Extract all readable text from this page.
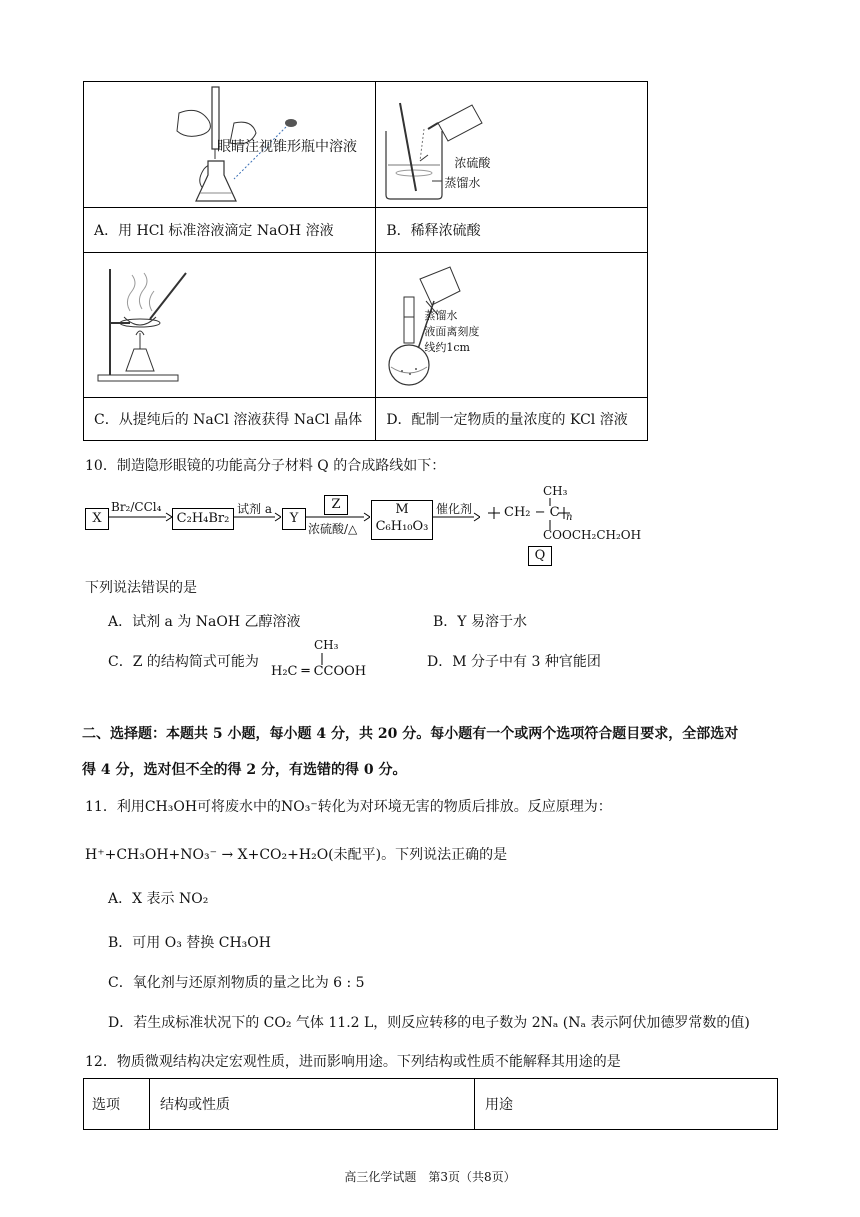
眼睛注视锥形瓶中溶液	浓硫酸
蒸馏水

A．用 HCl 标准溶液滴定 NaOH 溶液	B．稀释浓硫酸

蒸馏水
液面离刻度
线约1cm

C．从提纯后的 NaCl 溶液获得 NaCl 晶体	D．配制一定物质的量浓度的 KCl 溶液
10．制造隐形眼镜的功能高分子材料 Q 的合成路线如下：
X
Br₂/CCl₄
C₂H₄Br₂
试剂 a
Y
Z
浓硫酸/△
M
C₆H₁₀O₃
催化剂
CH₃
CH₂ − C n
COOCH₂CH₂OH
Q
下列说法错误的是
A．试剂 a 为 NaOH 乙醇溶液	B．Y 易溶于水
C．Z 的结构简式可能为
CH₃
H₂C ═ CCOOH
D．M 分子中有 3 种官能团
二、选择题：本题共 5 小题，每小题 4 分，共 20 分。每小题有一个或两个选项符合题目要求，全部选对
得 4 分，选对但不全的得 2 分，有选错的得 0 分。
11．利用CH₃OH可将废水中的NO₃⁻转化为对环境无害的物质后排放。反应原理为：
H⁺+CH₃OH+NO₃⁻ → X+CO₂+H₂O(未配平)。下列说法正确的是
A．X 表示 NO₂
B．可用 O₃ 替换 CH₃OH
C．氧化剂与还原剂物质的量之比为 6 : 5
D．若生成标准状况下的 CO₂ 气体 11.2 L，则反应转移的电子数为 2Nₐ (Nₐ 表示阿伏加德罗常数的值)
12．物质微观结构决定宏观性质，进而影响用途。下列结构或性质不能解释其用途的是
选项	结构或性质	用途
高三化学试题　第3页（共8页）
